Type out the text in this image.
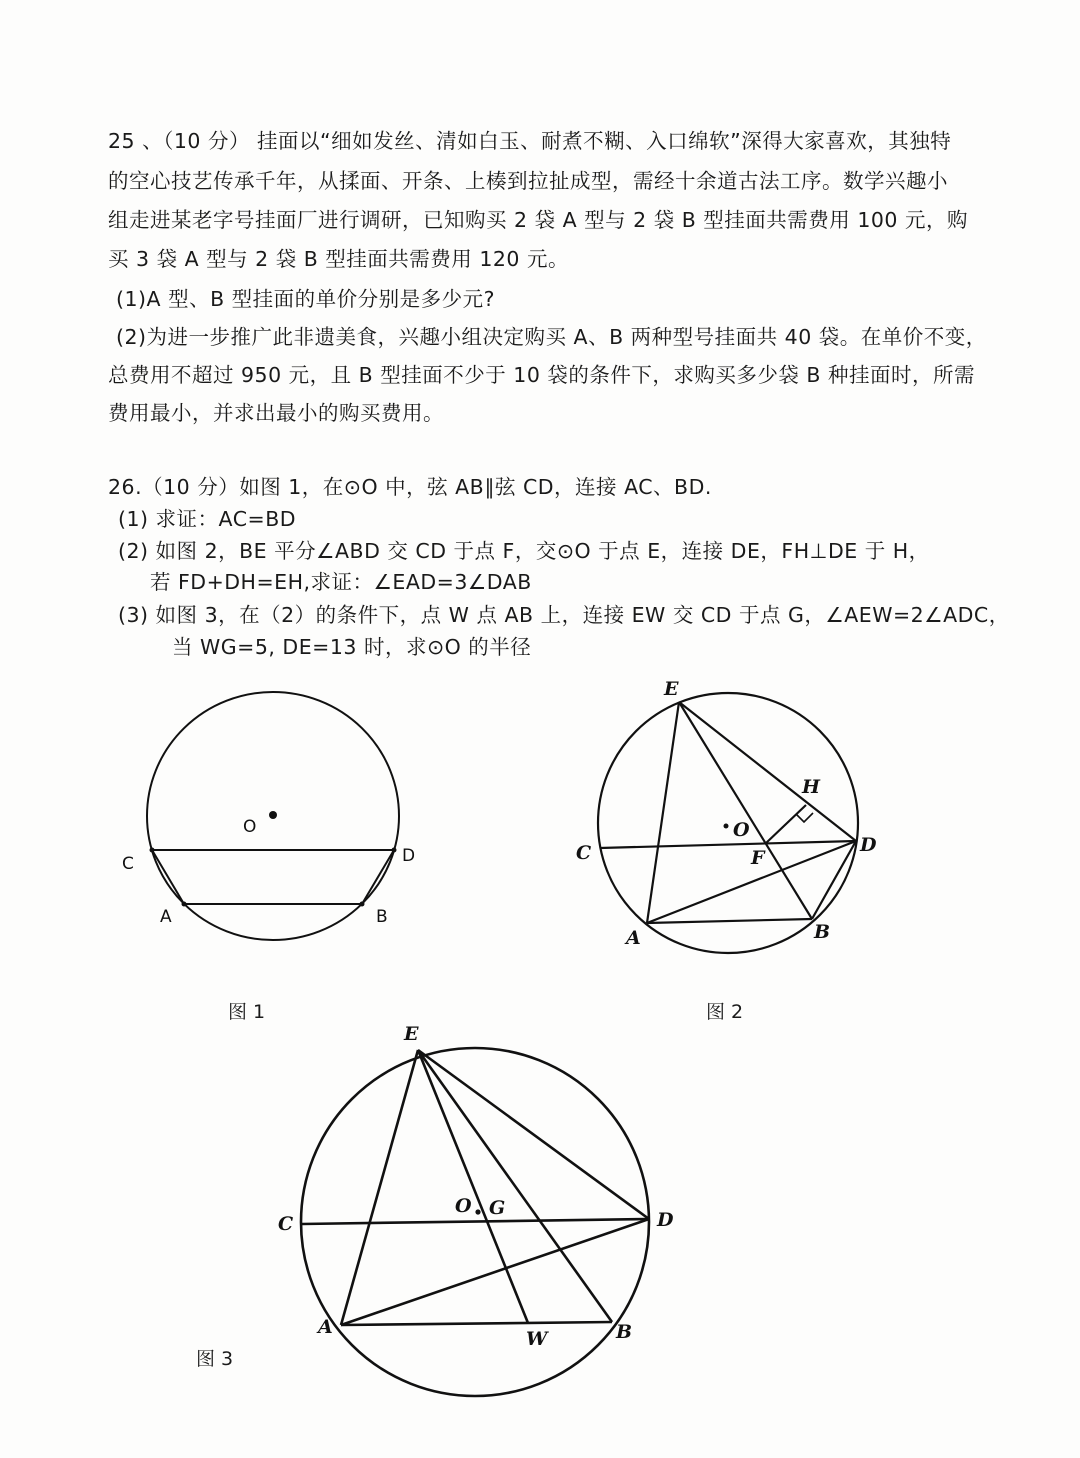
25 、（10 分） 挂面以“细如发丝、清如白玉、耐煮不糊、入口绵软”深得大家喜欢，其独特
的空心技艺传承千年，从揉面、开条、上楱到拉扯成型，需经十余道古法工序。数学兴趣小
组走进某老字号挂面厂进行调研，已知购买 2 袋 A 型与 2 袋 B 型挂面共需费用 100 元，购
买 3 袋 A 型与 2 袋 B 型挂面共需费用 120 元。
(1)A 型、B 型挂面的单价分别是多少元?
(2)为进一步推广此非遗美食，兴趣小组决定购买 A、B 两种型号挂面共 40 袋。在单价不变，
总费用不超过 950 元，且 B 型挂面不少于 10 袋的条件下，求购买多少袋 B 种挂面时，所需
费用最小，并求出最小的购买费用。
26.（10 分）如图 1，在⊙O 中，弦 AB∥弦 CD，连接 AC、BD.
(1) 求证：AC=BD
(2) 如图 2，BE 平分∠ABD 交 CD 于点 F，交⊙O 于点 E，连接 DE，FH⊥DE 于 H，
若 FD+DH=EH,求证：∠EAD=3∠DAB
(3) 如图 3，在（2）的条件下，点 W 点 AB 上，连接 EW 交 CD 于点 G，∠AEW=2∠ADC，
当 WG=5, DE=13 时，求⊙O 的半径
O
C	D
A	B
图 1
E
H
O
C	F
D
A	B
图 2
E
O G
C	D
A
W	B
图 3
